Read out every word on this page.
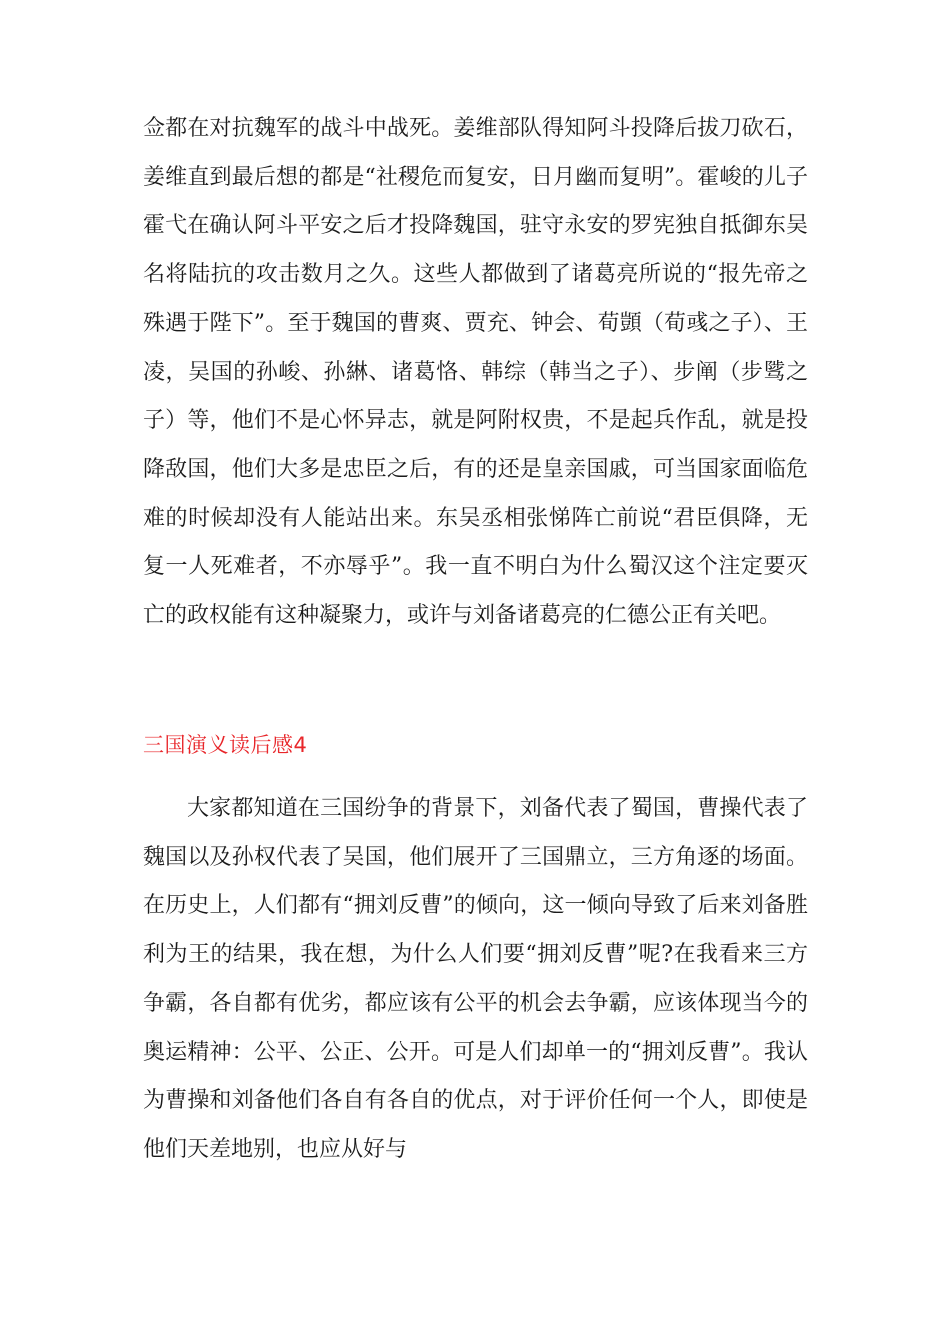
佥都在对抗魏军的战斗中战死。姜维部队得知阿斗投降后拔刀砍石，姜维直到最后想的都是“社稷危而复安，日月幽而复明”。霍峻的儿子霍弋在确认阿斗平安之后才投降魏国，驻守永安的罗宪独自抵御东吴名将陆抗的攻击数月之久。这些人都做到了诸葛亮所说的“报先帝之殊遇于陛下”。至于魏国的曹爽、贾充、钟会、荀顗（荀彧之子）、王凌，吴国的孙峻、孙綝、诸葛恪、韩综（韩当之子）、步阐（步骘之子）等，他们不是心怀异志，就是阿附权贵，不是起兵作乱，就是投降敌国，他们大多是忠臣之后，有的还是皇亲国戚，可当国家面临危难的时候却没有人能站出来。东吴丞相张悌阵亡前说“君臣俱降，无复一人死难者，不亦辱乎”。我一直不明白为什么蜀汉这个注定要灭亡的政权能有这种凝聚力，或许与刘备诸葛亮的仁德公正有关吧。

三国演义读后感4

大家都知道在三国纷争的背景下，刘备代表了蜀国，曹操代表了魏国以及孙权代表了吴国，他们展开了三国鼎立，三方角逐的场面。在历史上，人们都有“拥刘反曹”的倾向，这一倾向导致了后来刘备胜利为王的结果，我在想，为什么人们要“拥刘反曹”呢?在我看来三方争霸，各自都有优劣，都应该有公平的机会去争霸，应该体现当今的奥运精神：公平、公正、公开。可是人们却单一的“拥刘反曹”。我认为曹操和刘备他们各自有各自的优点，对于评价任何一个人，即使是他们天差地别，也应从好与
